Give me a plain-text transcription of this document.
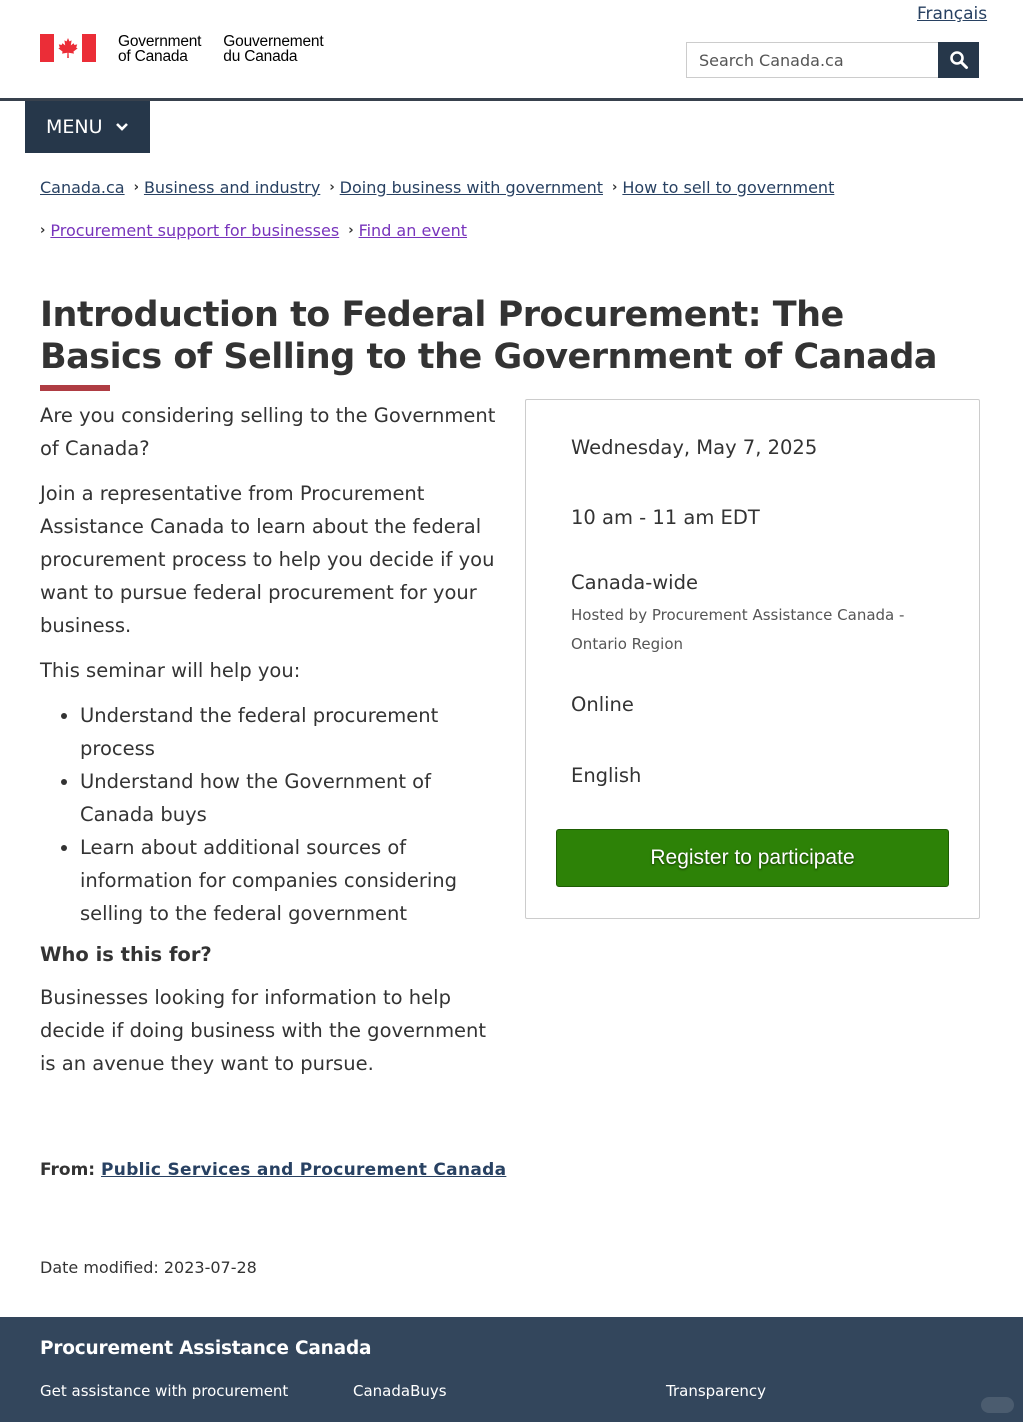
Français
Government
of Canada
Gouvernement
du Canada
Search Canada.ca
MENU
Canada.ca › Business and industry › Doing business with government › How to sell to government
› Procurement support for businesses › Find an event
Introduction to Federal Procurement: The Basics of Selling to the Government of Canada

Are you considering selling to the Government of Canada?

Join a representative from Procurement Assistance Canada to learn about the federal procurement process to help you decide if you want to pursue federal procurement for your business.

This seminar will help you:

• Understand the federal procurement process
• Understand how the Government of Canada buys
• Learn about additional sources of information for companies considering selling to the federal government
Who is this for?

Businesses looking for information to help decide if doing business with the government is an avenue they want to pursue.

Wednesday, May 7, 2025
10 am - 11 am EDT
Canada-wide
Hosted by Procurement Assistance Canada - Ontario Region
Online
English
Register to participate
From: Public Services and Procurement Canada
Date modified: 2023-07-28
Procurement Assistance Canada
Get assistance with procurement	CanadaBuys	Transparency
